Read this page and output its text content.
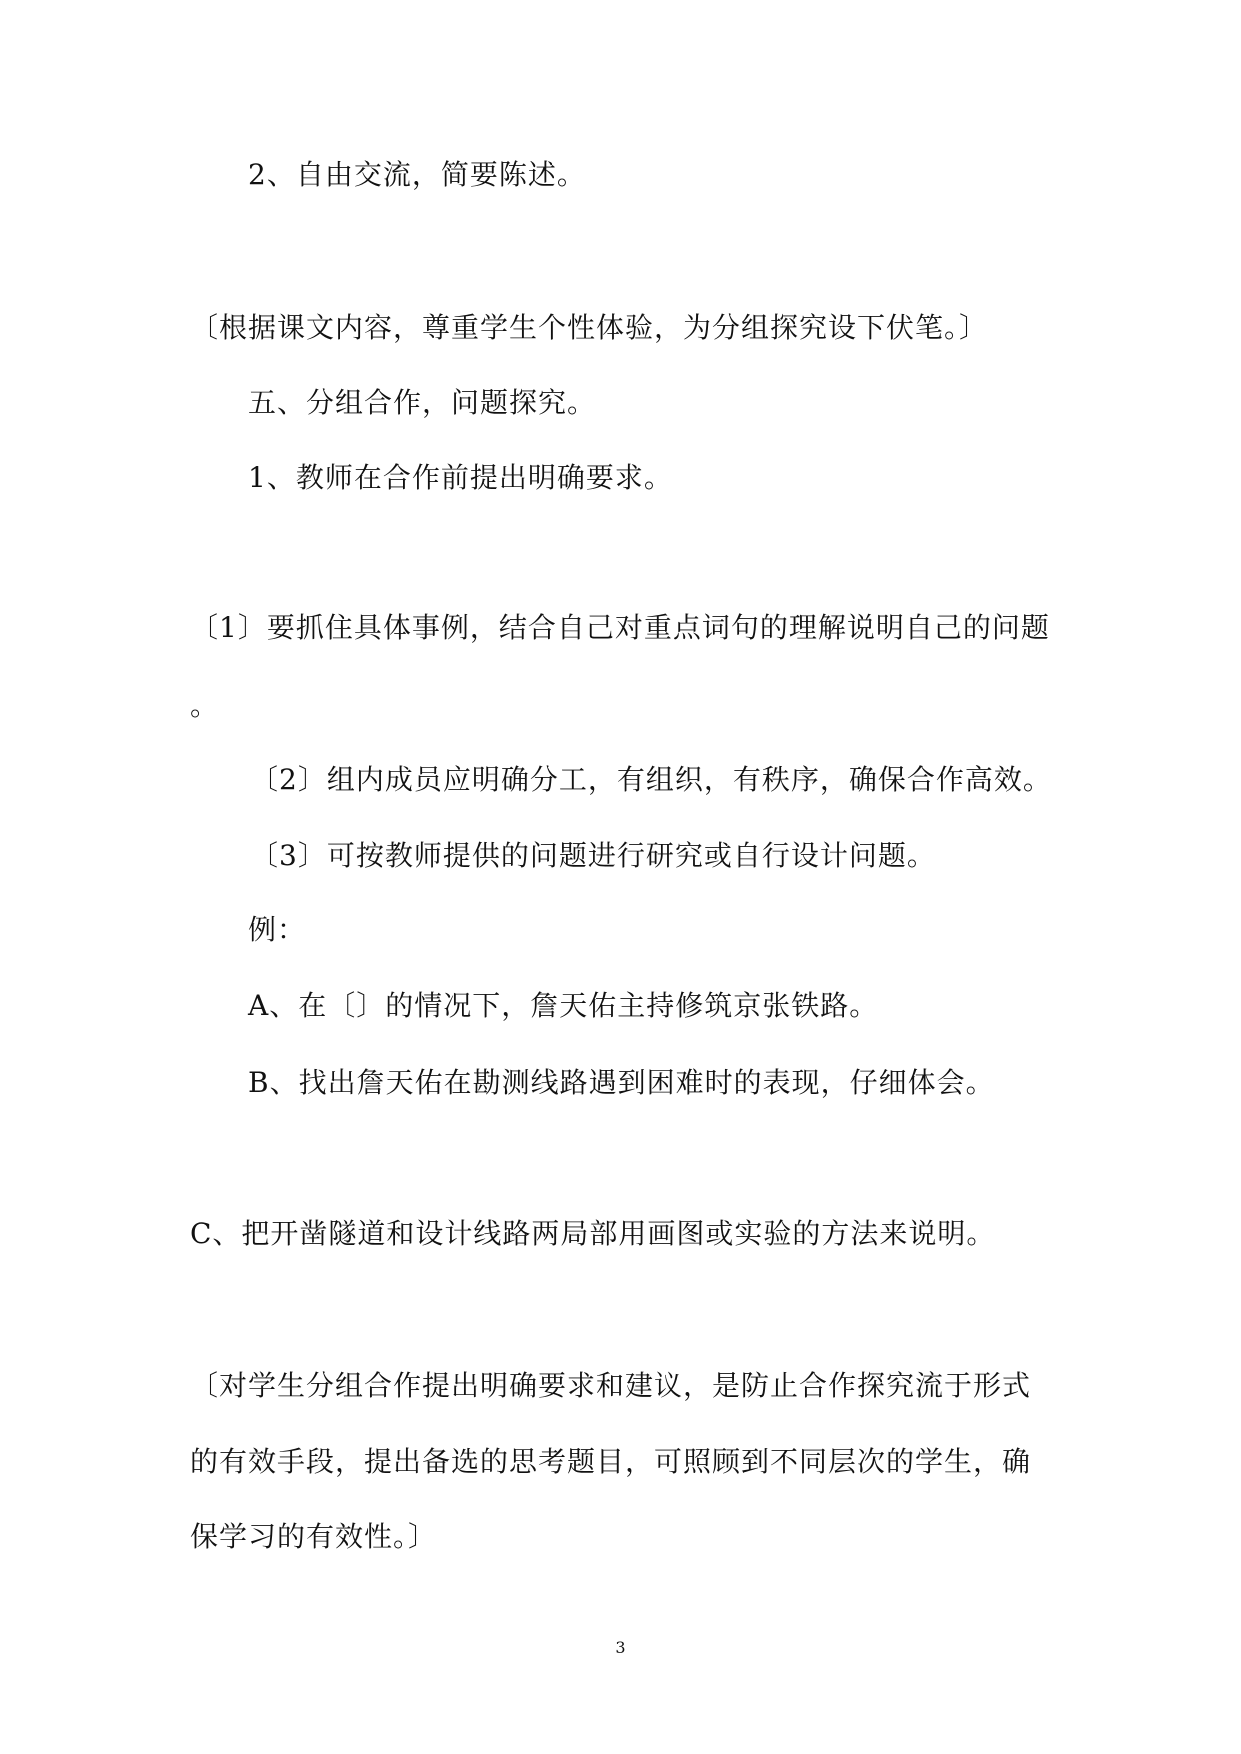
2、自由交流，简要陈述。
〔根据课文内容，尊重学生个性体验，为分组探究设下伏笔。〕
五、分组合作，问题探究。
1、教师在合作前提出明确要求。
〔1〕要抓住具体事例，结合自己对重点词句的理解说明自己的问题
。
〔2〕组内成员应明确分工，有组织，有秩序，确保合作高效。
〔3〕可按教师提供的问题进行研究或自行设计问题。
例：
A、在〔〕的情况下，詹天佑主持修筑京张铁路。
B、找出詹天佑在勘测线路遇到困难时的表现，仔细体会。
C、把开凿隧道和设计线路两局部用画图或实验的方法来说明。
〔对学生分组合作提出明确要求和建议，是防止合作探究流于形式
的有效手段，提出备选的思考题目，可照顾到不同层次的学生，确
保学习的有效性。〕
3
